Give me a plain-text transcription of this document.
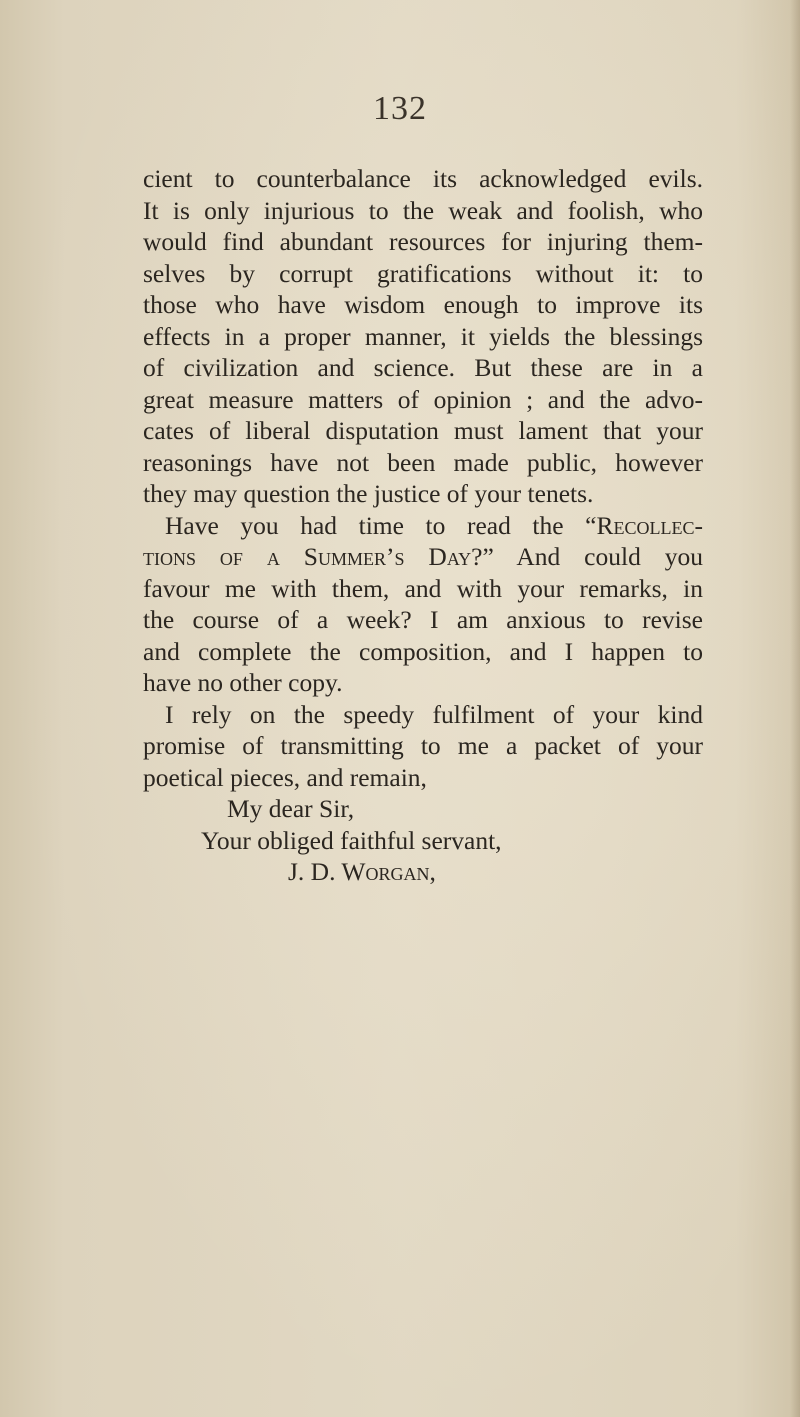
132
cient to counterbalance its acknowledged evils.
It is only injurious to the weak and foolish, who
would find abundant resources for injuring them-
selves by corrupt gratifications without it: to
those who have wisdom enough to improve its
effects in a proper manner, it yields the blessings
of civilization and science. But these are in a
great measure matters of opinion ; and the advo-
cates of liberal disputation must lament that your
reasonings have not been made public, however
they may question the justice of your tenets.
Have you had time to read the “Recollec-
tions of a Summer’s Day?” And could you
favour me with them, and with your remarks, in
the course of a week? I am anxious to revise
and complete the composition, and I happen to
have no other copy.
I rely on the speedy fulfilment of your kind
promise of transmitting to me a packet of your
poetical pieces, and remain,
My dear Sir,
Your obliged faithful servant,
J. D. Worgan,
